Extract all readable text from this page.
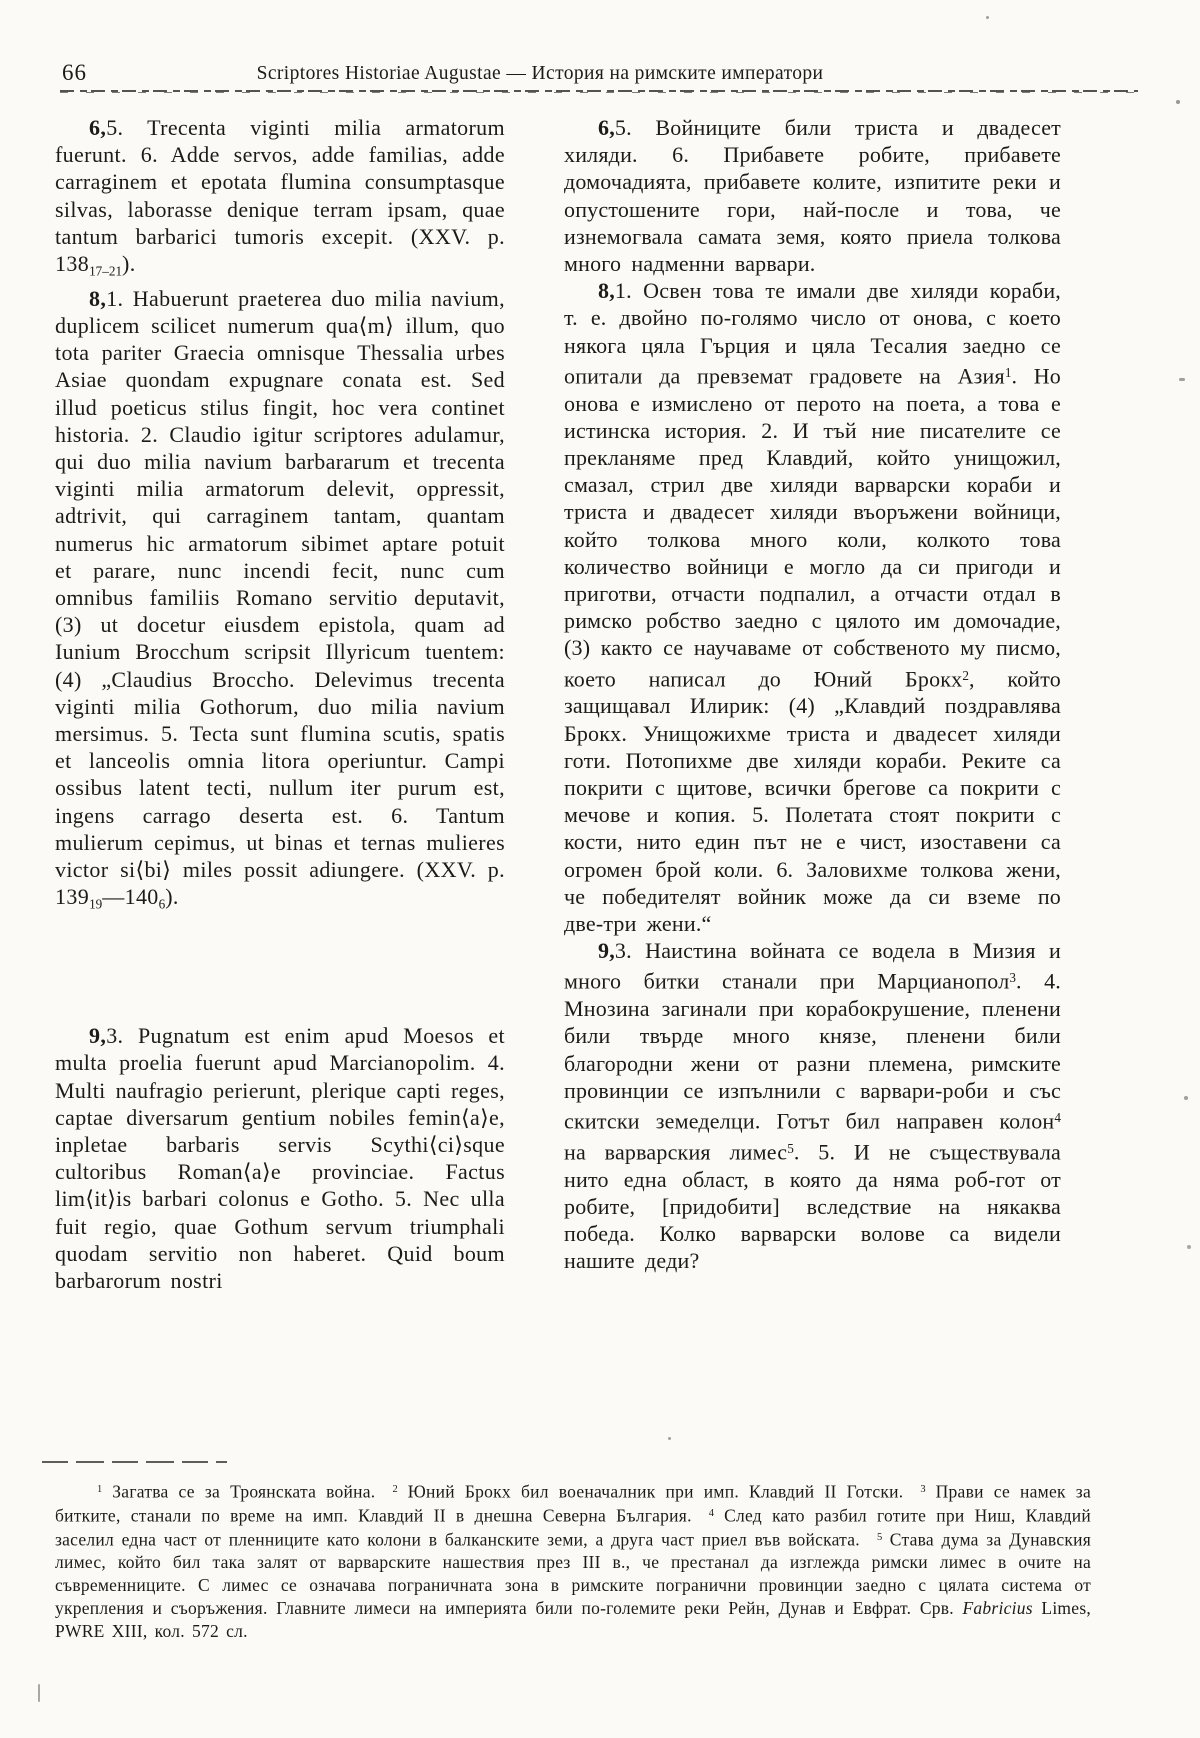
66	Scriptores Historiae Augustae — История на римските императори

6,5. Trecenta viginti milia armatorum fuerunt. 6. Adde servos, adde familias, adde carraginem et epotata flumina consumptasque silvas, laborasse denique terram ipsam, quae tantum barbarici tumoris excepit. (XXV. p. $138_{17-21}$).

8,1. Habuerunt praeterea duo milia navium, duplicem scilicet numerum qua⟨m⟩ illum, quo tota pariter Graecia omnisque Thessalia urbes Asiae quondam expugnare conata est. Sed illud poeticus stilus fingit, hoc vera continet historia. 2. Claudio igitur scriptores adulamur, qui duo milia navium barbararum et trecenta viginti milia armatorum delevit, oppressit, adtrivit, qui carraginem tantam, quantam numerus hic armatorum sibimet aptare potuit et parare, nunc incendi fecit, nunc cum omnibus familiis Romano servitio deputavit, (3) ut docetur eiusdem epistola, quam ad Iunium Brocchum scripsit Illyricum tuentem: (4) „Claudius Broccho. Delevimus trecenta viginti milia Gothorum, duo milia navium mersimus. 5. Tecta sunt flumina scutis, spatis et lanceolis omnia litora operiuntur. Campi ossibus latent tecti, nullum iter purum est, ingens carrago deserta est. 6. Tantum mulierum cepimus, ut binas et ternas mulieres victor si⟨bi⟩ miles possit adiungere. (XXV. p. $139_{19}—140_6$).

9,3. Pugnatum est enim apud Moesos et multa proelia fuerunt apud Marcianopolim. 4. Multi naufragio perierunt, plerique capti reges, captae diversarum gentium nobiles femin⟨a⟩e, inpletae barbaris servis Scythi⟨ci⟩sque cultoribus Roman⟨a⟩e provinciae. Factus lim⟨it⟩is barbari colonus e Gotho. 5. Nec ulla fuit regio, quae Gothum servum triumphali quodam servitio non haberet. Quid boum barbarorum nostri

6,5. Войниците били триста и двадесет хиляди. 6. Прибавете робите, прибавете домочадията, прибавете колите, изпитите реки и опустошените гори, най-после и това, че изнемогвала самата земя, която приела толкова много надменни варвари.

8,1. Освен това те имали две хиляди кораби, т. е. двойно по-голямо число от онова, с което някога цяла Гърция и цяла Тесалия заедно се опитали да превземат градовете на Азия$^1$. Но онова е измислено от перото на поета, а това е истинска история. 2. И тъй ние писателите се прекланяме пред Клавдий, който унищожил, смазал, стрил две хиляди варварски кораби и триста и двадесет хиляди въоръжени войници, който толкова много коли, колкото това количество войници е могло да си пригоди и приготви, отчасти подпалил, а отчасти отдал в римско робство заедно с цялото им домочадие, (3) както се научаваме от собственото му писмо, което написал до Юний Брокх$^2$, който защищавал Илирик: (4) „Клавдий поздравлява Брокх. Унищожихме триста и двадесет хиляди готи. Потопихме две хиляди кораби. Реките са покрити с щитове, всички брегове са покрити с мечове и копия. 5. Полетата стоят покрити с кости, нито един път не е чист, изоставени са огромен брой коли. 6. Заловихме толкова жени, че победителят войник може да си вземе по две-три жени.“

9,3. Наистина войната се водела в Мизия и много битки станали при Марцианопол$^3$. 4. Мнозина загинали при корабокрушение, пленени били твърде много князе, пленени били благородни жени от разни племена, римските провинции се изпълнили с варвари-роби и със скитски земеделци. Готът бил направен колон$^4$ на варварския лимес$^5$. 5. И не съществувала нито една област, в която да няма роб-гот от робите, [придобити] вследствие на някаква победа. Колко варварски волове са видели нашите деди?

$^1$ Загатва се за Троянската война. $^2$ Юний Брокх бил военачалник при имп. Клавдий II Готски. $^3$ Прави се намек за битките, станали по време на имп. Клавдий II в днешна Северна България. $^4$ След като разбил готите при Ниш, Клавдий заселил една част от пленниците като колони в балканските земи, а друга част приел във войската. $^5$ Става дума за Дунавския лимес, който бил така залят от варварските нашествия през III в., че престанал да изглежда римски лимес в очите на съвременниците. С лимес се означава пограничната зона в римските погранични провинции заедно с цялата система от укрепления и съоръжения. Главните лимеси на империята били по-големите реки Рейн, Дунав и Евфрат. Срв. Fabricius Limes, PWRE XIII, кол. 572 сл.
